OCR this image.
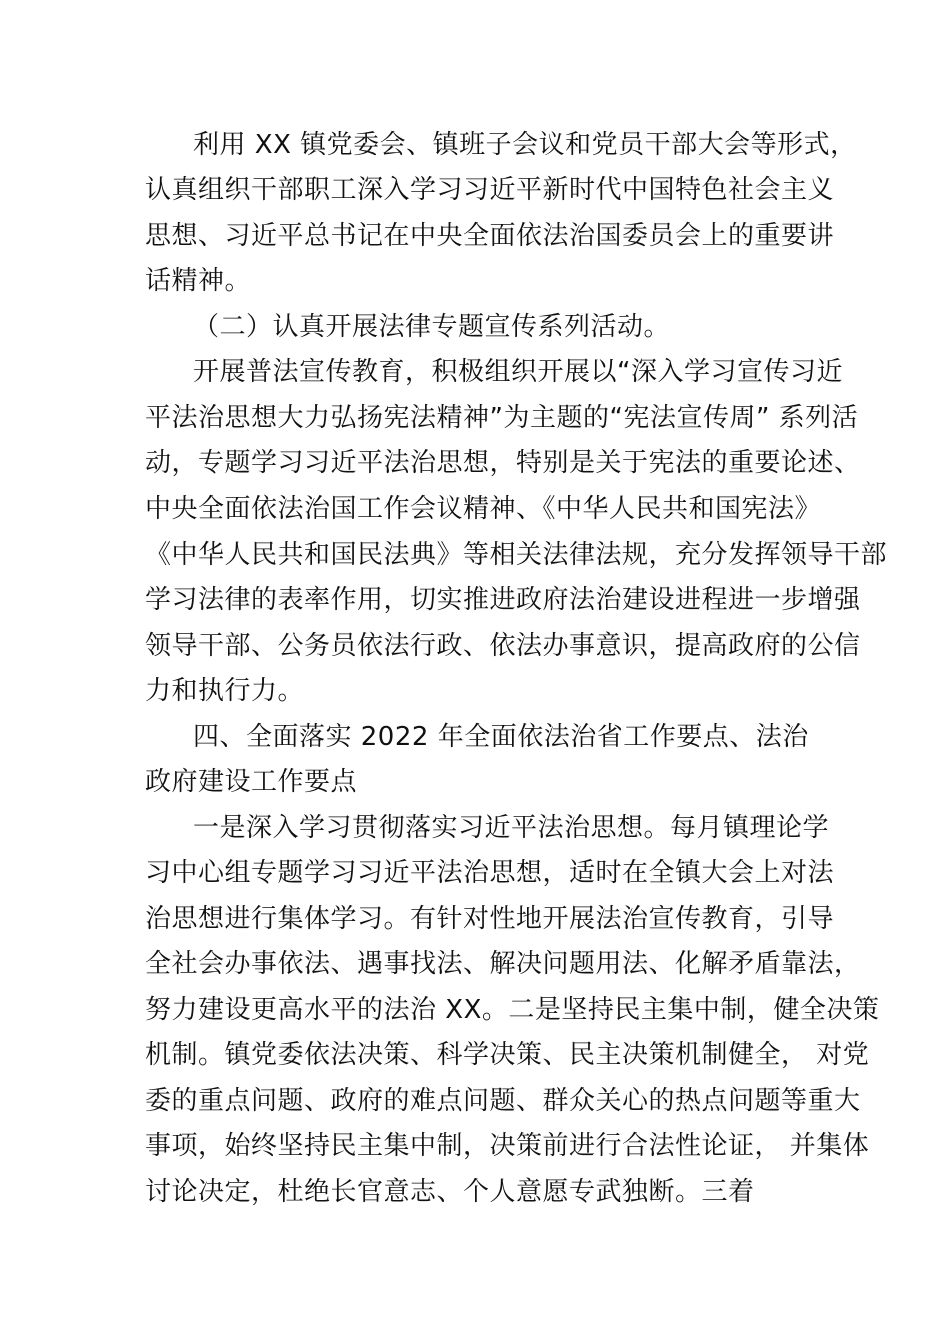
利用 XX 镇党委会、镇班子会议和党员干部大会等形式，
认真组织干部职工深入学习习近平新时代中国特色社会主义
思想、习近平总书记在中央全面依法治国委员会上的重要讲
话精神。
（二）认真开展法律专题宣传系列活动。
开展普法宣传教育，积极组织开展以“深入学习宣传习近
平法治思想大力弘扬宪法精神”为主题的“宪法宣传周” 系列活
动，专题学习习近平法治思想，特别是关于宪法的重要论述、
中央全面依法治国工作会议精神、《中华人民共和国宪法》
《中华人民共和国民法典》等相关法律法规，充分发挥领导干部
学习法律的表率作用，切实推进政府法治建设进程进一步增强
领导干部、公务员依法行政、依法办事意识，提高政府的公信
力和执行力。
四、全面落实 2022 年全面依法治省工作要点、法治
政府建设工作要点
一是深入学习贯彻落实习近平法治思想。每月镇理论学
习中心组专题学习习近平法治思想，适时在全镇大会上对法
治思想进行集体学习。有针对性地开展法治宣传教育，引导
全社会办事依法、遇事找法、解决问题用法、化解矛盾靠法，
努力建设更高水平的法治 XX。二是坚持民主集中制，健全决策
机制。镇党委依法决策、科学决策、民主决策机制健全， 对党
委的重点问题、政府的难点问题、群众关心的热点问题等重大
事项，始终坚持民主集中制，决策前进行合法性论证， 并集体
讨论决定，杜绝长官意志、个人意愿专武独断。三着
